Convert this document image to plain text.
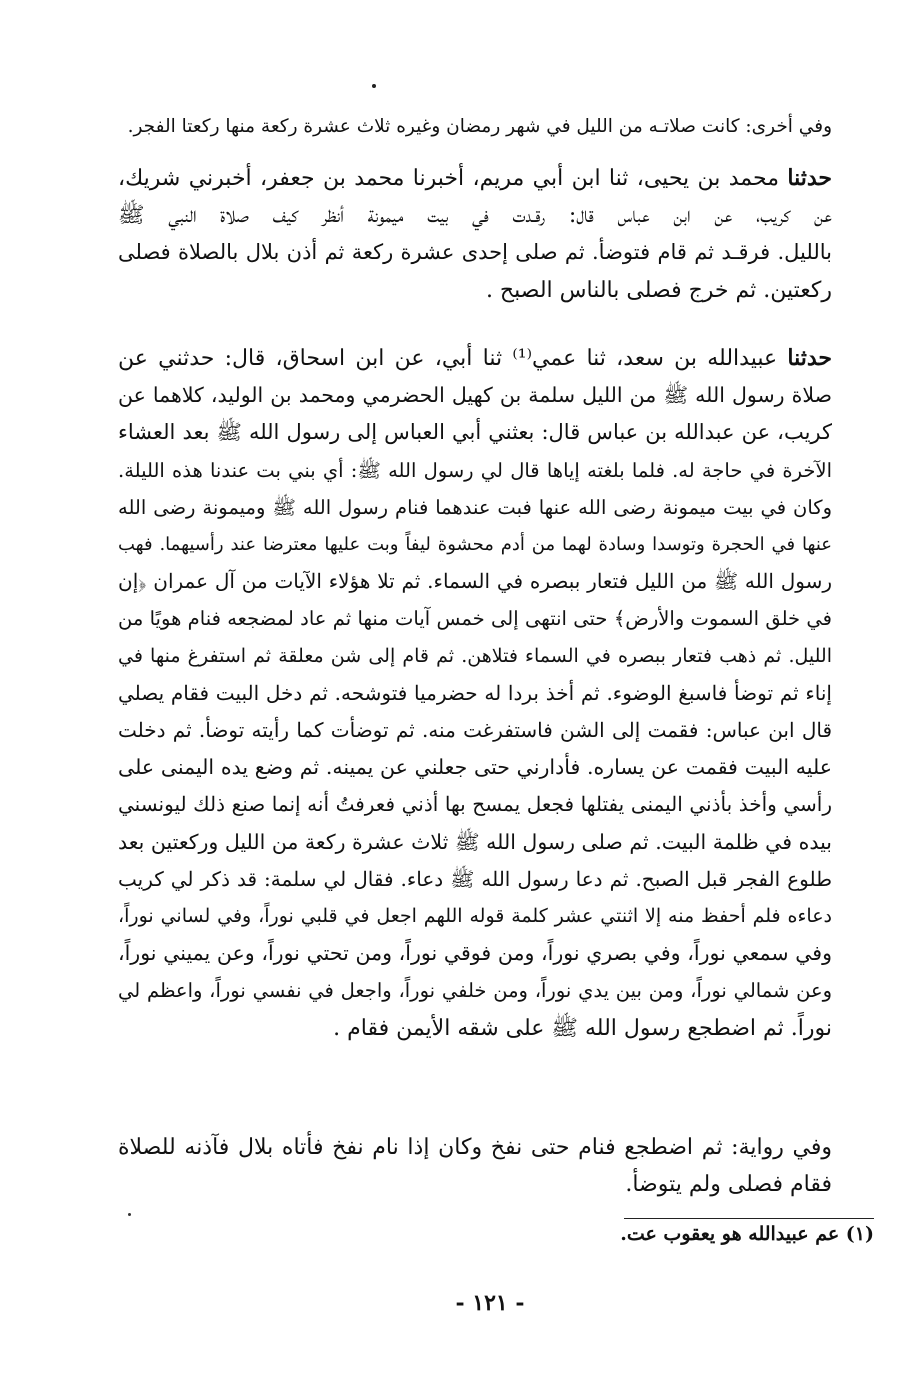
وفي أخرى: كانت صلاتـه من الليل في شهر رمضان وغيره ثلاث عشرة ركعة منها ركعتا الفجر.
حدثنا محمد بن يحيى، ثنا ابن أبي مريم، أخبرنا محمد بن جعفر، أخبرني شريك،
عن كريب، عن ابن عباس قال: رقـدت في بيت ميمونة أنظر كيف صلاة النبي ﷺ
بالليل. فرقـد ثم قام فتوضأ. ثم صلى إحدى عشرة ركعة ثم أذن بلال بالصلاة فصلى
ركعتين. ثم خرج فصلى بالناس الصبح .
حدثنا عبيدالله بن سعد، ثنا عمي⁽¹⁾ ثنا أبي، عن ابن اسحاق، قال: حدثني عن
صلاة رسول الله ﷺ من الليل سلمة بن كهيل الحضرمي ومحمد بن الوليد، كلاهما عن
كريب، عن عبدالله بن عباس قال: بعثني أبي العباس إلى رسول الله ﷺ بعد العشاء
الآخرة في حاجة له. فلما بلغته إياها قال لي رسول الله ﷺ: أي بني بت عندنا هذه الليلة.
وكان في بيت ميمونة رضى الله عنها فبت عندهما فنام رسول الله ﷺ وميمونة رضى الله
عنها في الحجرة وتوسدا وسادة لهما من أدم محشوة ليفاً وبت عليها معترضا عند رأسيهما. فهب
رسول الله ﷺ من الليل فتعار ببصره في السماء. ثم تلا هؤلاء الآيات من آل عمران ﴿إن
في خلق السموت والأرض﴾ حتى انتهى إلى خمس آيات منها ثم عاد لمضجعه فنام هويًا من
الليل. ثم ذهب فتعار ببصره في السماء فتلاهن. ثم قام إلى شن معلقة ثم استفرغ منها في
إناء ثم توضأ فاسبغ الوضوء. ثم أخذ بردا له حضرميا فتوشحه. ثم دخل البيت فقام يصلي
قال ابن عباس: فقمت إلى الشن فاستفرغت منه. ثم توضأت كما رأيته توضأ. ثم دخلت
عليه البيت فقمت عن يساره. فأدارني حتى جعلني عن يمينه. ثم وضع يده اليمنى على
رأسي وأخذ بأذني اليمنى يفتلها فجعل يمسح بها أذني فعرفتُ أنه إنما صنع ذلك ليونسني
بيده في ظلمة البيت. ثم صلى رسول الله ﷺ ثلاث عشرة ركعة من الليل وركعتين بعد
طلوع الفجر قبل الصبح. ثم دعا رسول الله ﷺ دعاء. فقال لي سلمة: قد ذكر لي كريب
دعاءه فلم أحفظ منه إلا اثنتي عشر كلمة قوله اللهم اجعل في قلبي نوراً، وفي لساني نوراً،
وفي سمعي نوراً، وفي بصري نوراً، ومن فوقي نوراً، ومن تحتي نوراً، وعن يميني نوراً،
وعن شمالي نوراً، ومن بين يدي نوراً، ومن خلفي نوراً، واجعل في نفسي نوراً، واعظم لي
نوراً. ثم اضطجع رسول الله ﷺ على شقه الأيمن فقام .
وفي رواية: ثم اضطجع فنام حتى نفخ وكان إذا نام نفخ فأتاه بلال فآذنه للصلاة
فقام فصلى ولم يتوضأ.
(١) عم عبيدالله هو يعقوب عت.
- ١٢١ -
